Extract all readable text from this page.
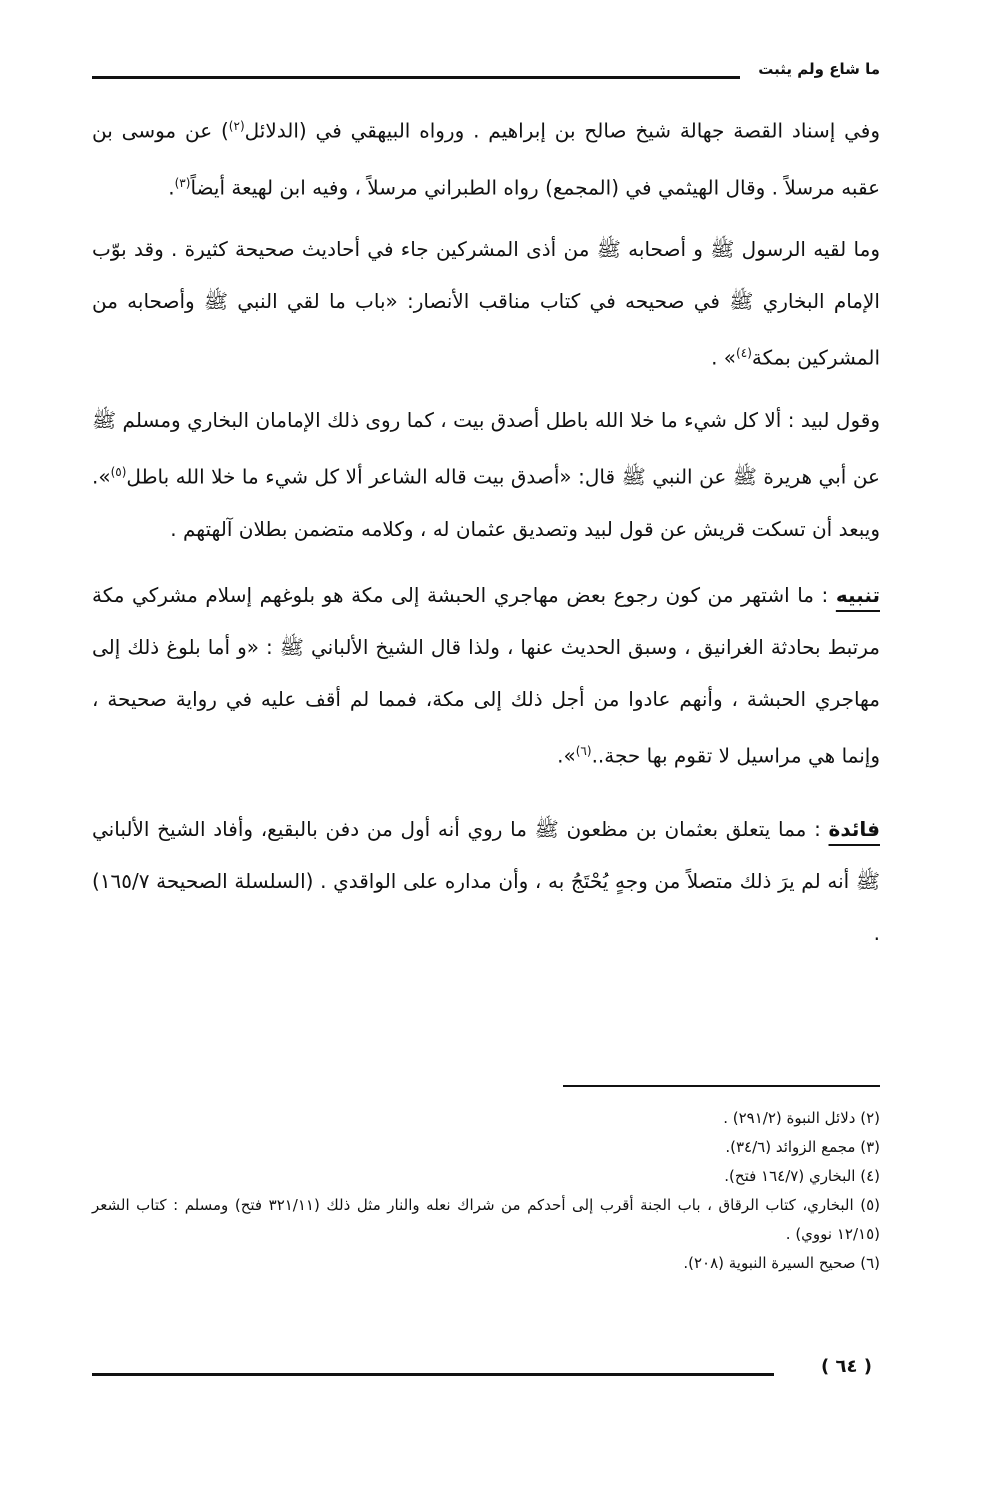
ما شاع ولم يثبت

وفي إسناد القصة جهالة شيخ صالح بن إبراهيم . ورواه البيهقي في (الدلائل$^{(٢)}$) عن موسى بن عقبه مرسلاً . وقال الهيثمي في (المجمع) رواه الطبراني مرسلاً ، وفيه ابن لهيعة أيضاً$^{(٣)}$.

وما لقيه الرسول ﷺ و أصحابه ﷺ من أذى المشركين جاء في أحاديث صحيحة كثيرة . وقد بوّب الإمام البخاري ﷺ في صحيحه في كتاب مناقب الأنصار: «باب ما لقي النبي ﷺ وأصحابه من المشركين بمكة$^{(٤)}$» .

وقول لبيد : ألا كل شيء ما خلا الله باطل أصدق بيت ، كما روى ذلك الإمامان البخاري ومسلم ﷺ عن أبي هريرة ﷺ عن النبي ﷺ قال: «أصدق بيت قاله الشاعر ألا كل شيء ما خلا الله باطل$^{(٥)}$». ويبعد أن تسكت قريش عن قول لبيد وتصديق عثمان له ، وكلامه متضمن بطلان آلهتهم .

تنبيه : ما اشتهر من كون رجوع بعض مهاجري الحبشة إلى مكة هو بلوغهم إسلام مشركي مكة مرتبط بحادثة الغرانيق ، وسبق الحديث عنها ، ولذا قال الشيخ الألباني ﷺ : «و أما بلوغ ذلك إلى مهاجري الحبشة ، وأنهم عادوا من أجل ذلك إلى مكة، فمما لم أقف عليه في رواية صحيحة ، وإنما هي مراسيل لا تقوم بها حجة..$^{(٦)}$».

فائدة : مما يتعلق بعثمان بن مظعون ﷺ ما روي أنه أول من دفن بالبقيع، وأفاد الشيخ الألباني ﷺ أنه لم يرَ ذلك متصلاً من وجهٍ يُحْتَجُ به ، وأن مداره على الواقدي . (السلسلة الصحيحة ١٦٥/٧) .

(٢) دلائل النبوة (٢٩١/٢) .

(٣) مجمع الزوائد (٣٤/٦).

(٤) البخاري (١٦٤/٧ فتح).

(٥) البخاري، كتاب الرقاق ، باب الجنة أقرب إلى أحدكم من شراك نعله والنار مثل ذلك (٣٢١/١١ فتح) ومسلم : كتاب الشعر (١٢/١٥ نووي) .

(٦) صحيح السيرة النبوية (٢٠٨).

( ٦٤ )
